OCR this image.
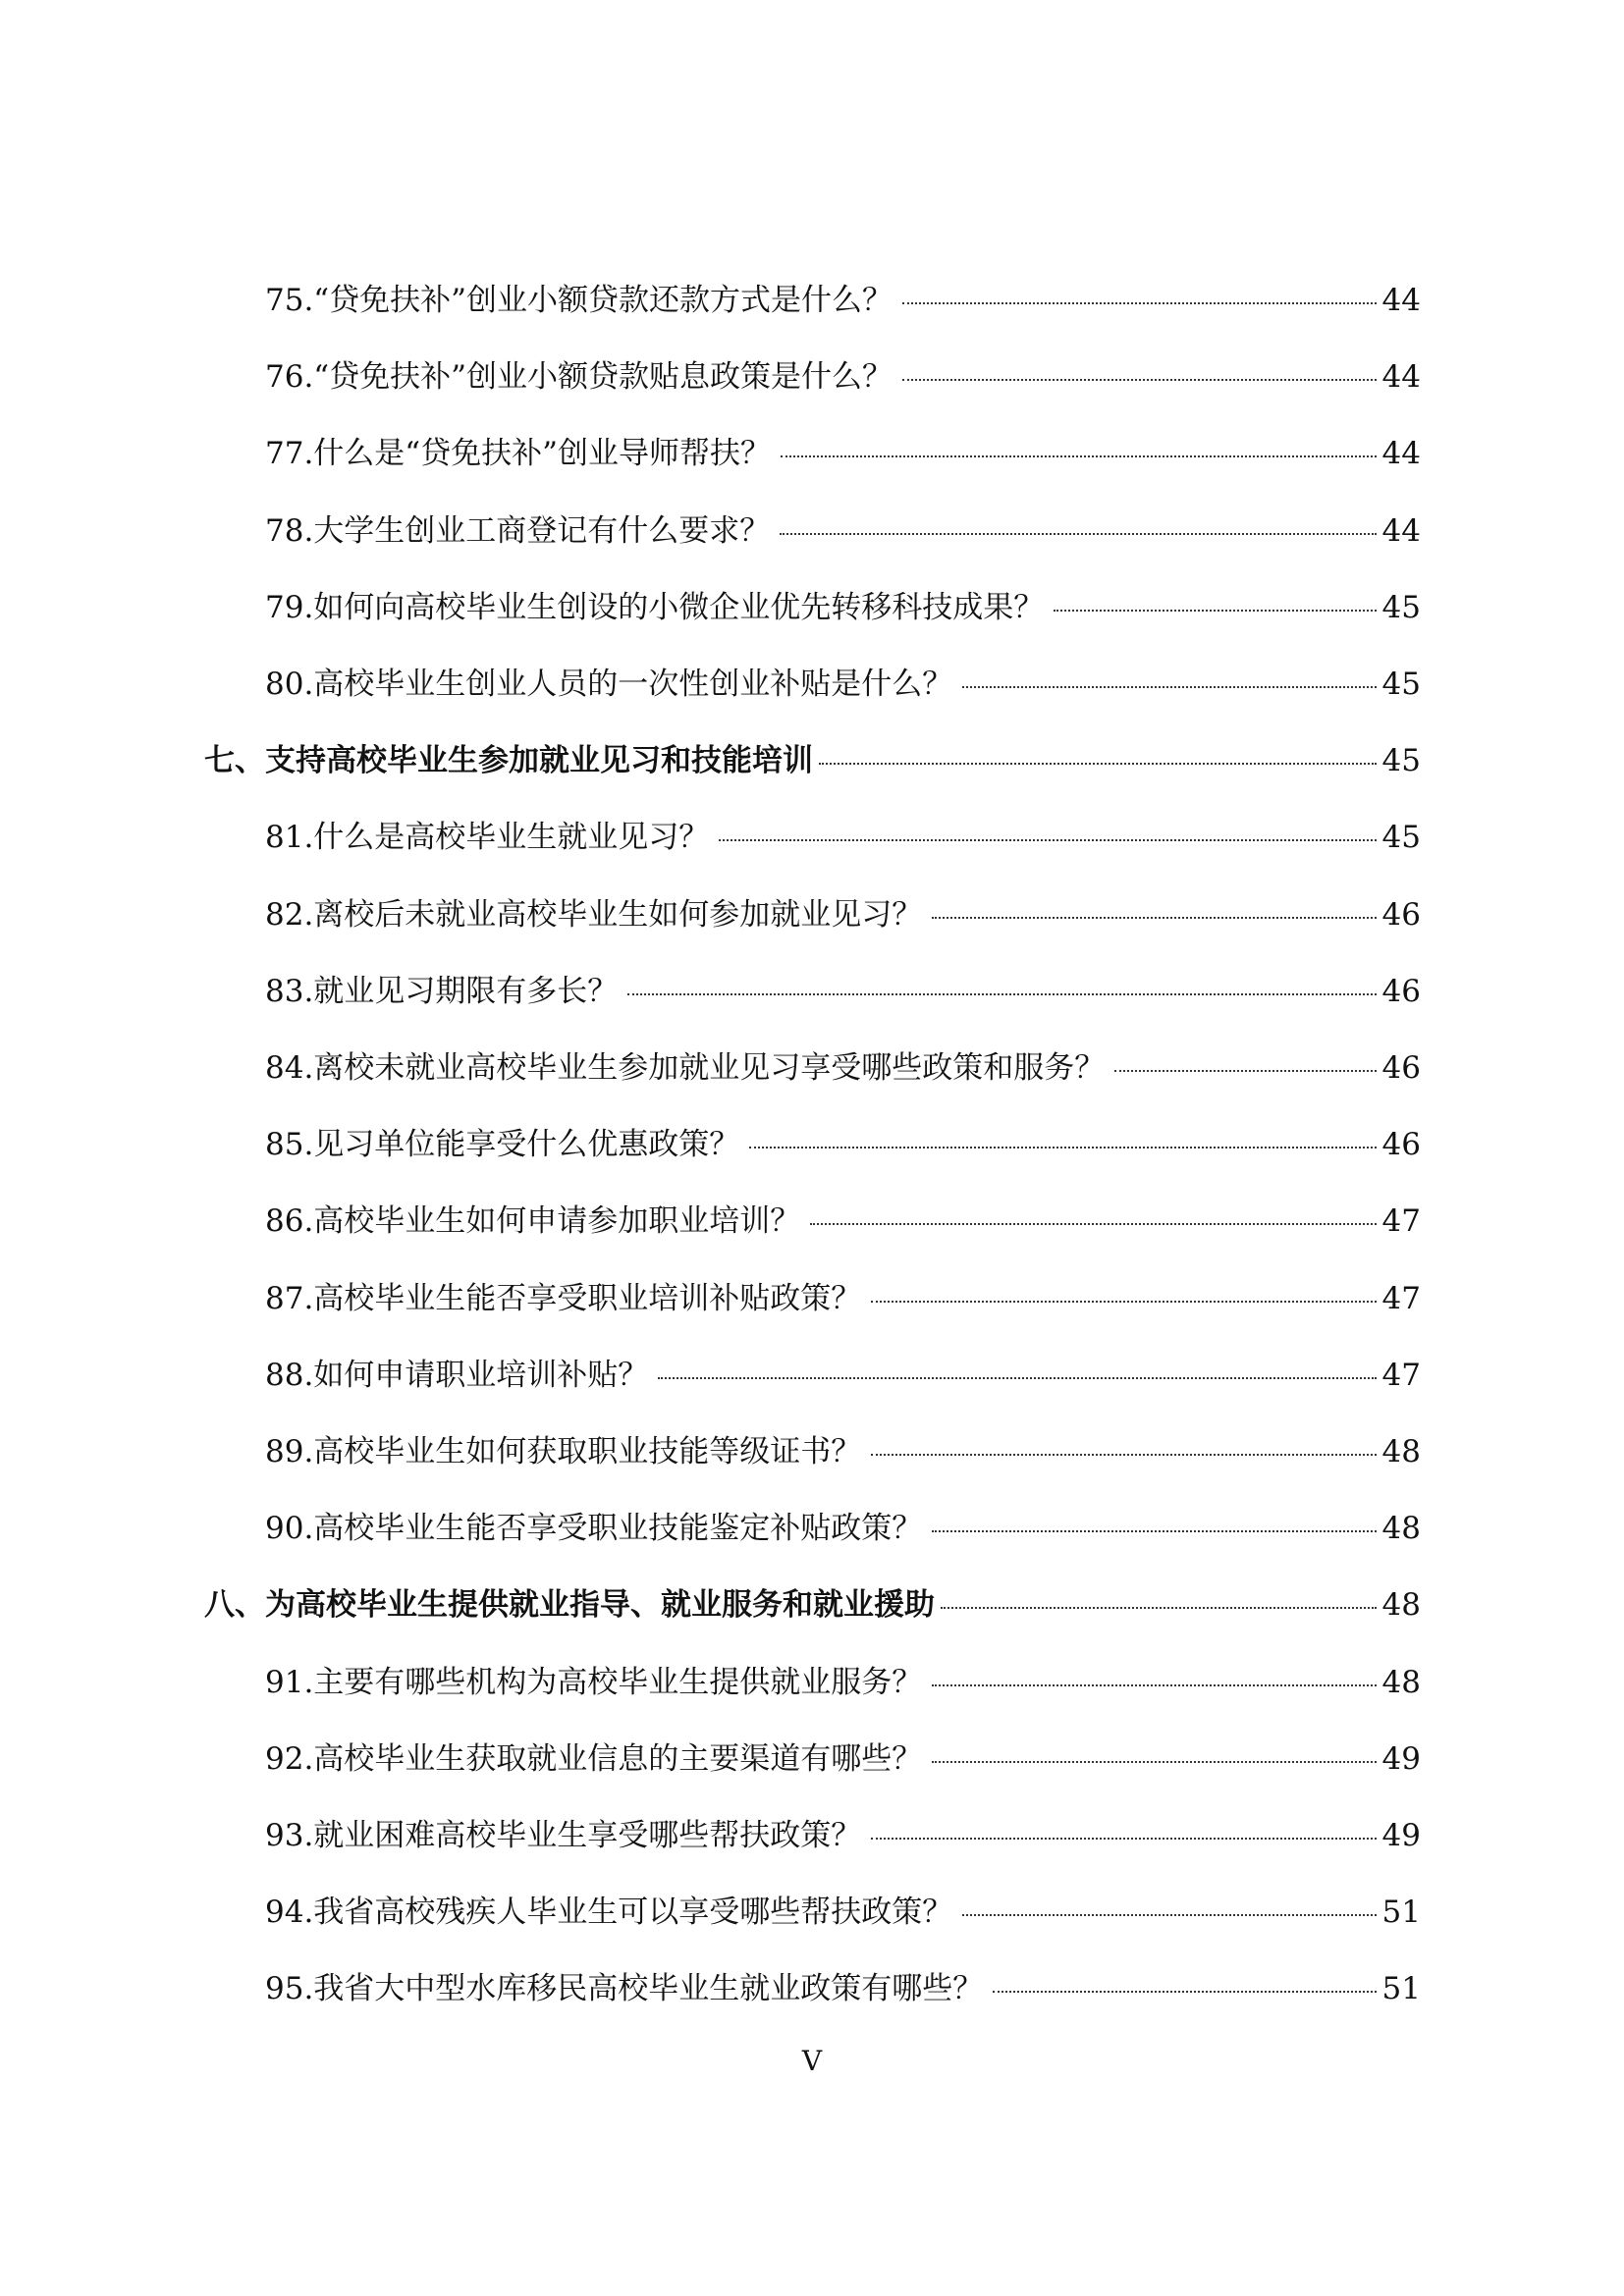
75.“贷免扶补”创业小额贷款还款方式是什么？	44
76.“贷免扶补”创业小额贷款贴息政策是什么？	44
77.什么是“贷免扶补”创业导师帮扶？	44
78.大学生创业工商登记有什么要求？	44
79.如何向高校毕业生创设的小微企业优先转移科技成果？	45
80.高校毕业生创业人员的一次性创业补贴是什么？	45
七、支持高校毕业生参加就业见习和技能培训	45
81.什么是高校毕业生就业见习？	45
82.离校后未就业高校毕业生如何参加就业见习？	46
83.就业见习期限有多长？	46
84.离校未就业高校毕业生参加就业见习享受哪些政策和服务？	46
85.见习单位能享受什么优惠政策？	46
86.高校毕业生如何申请参加职业培训？	47
87.高校毕业生能否享受职业培训补贴政策？	47
88.如何申请职业培训补贴？	47
89.高校毕业生如何获取职业技能等级证书？	48
90.高校毕业生能否享受职业技能鉴定补贴政策？	48
八、为高校毕业生提供就业指导、就业服务和就业援助	48
91.主要有哪些机构为高校毕业生提供就业服务？	48
92.高校毕业生获取就业信息的主要渠道有哪些？	49
93.就业困难高校毕业生享受哪些帮扶政策？	49
94.我省高校残疾人毕业生可以享受哪些帮扶政策？	51
95.我省大中型水库移民高校毕业生就业政策有哪些？	51
V
